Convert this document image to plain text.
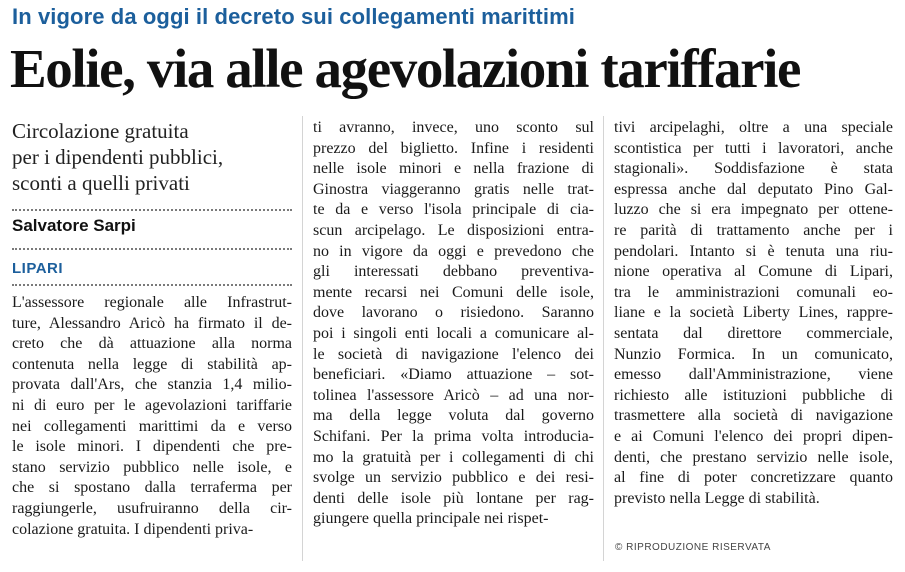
In vigore da oggi il decreto sui collegamenti marittimi
Eolie, via alle agevolazioni tariffarie
Circolazione gratuita
per i dipendenti pubblici,
sconti a quelli privati
Salvatore Sarpi
LIPARI
L'assessore regionale alle Infrastrut-
ture, Alessandro Aricò ha firmato il de-
creto che dà attuazione alla norma
contenuta nella legge di stabilità ap-
provata dall'Ars, che stanzia 1,4 milio-
ni di euro per le agevolazioni tariffarie
nei collegamenti marittimi da e verso
le isole minori. I dipendenti che pre-
stano servizio pubblico nelle isole, e
che si spostano dalla terraferma per
raggiungerle, usufruiranno della cir-
colazione gratuita. I dipendenti priva-
ti avranno, invece, uno sconto sul
prezzo del biglietto. Infine i residenti
nelle isole minori e nella frazione di
Ginostra viaggeranno gratis nelle trat-
te da e verso l'isola principale di cia-
scun arcipelago. Le disposizioni entra-
no in vigore da oggi e prevedono che
gli interessati debbano preventiva-
mente recarsi nei Comuni delle isole,
dove lavorano o risiedono. Saranno
poi i singoli enti locali a comunicare al-
le società di navigazione l'elenco dei
beneficiari. «Diamo attuazione – sot-
tolinea l'assessore Aricò – ad una nor-
ma della legge voluta dal governo
Schifani. Per la prima volta introducia-
mo la gratuità per i collegamenti di chi
svolge un servizio pubblico e dei resi-
denti delle isole più lontane per rag-
giungere quella principale nei rispet-
tivi arcipelaghi, oltre a una speciale
scontistica per tutti i lavoratori, anche
stagionali». Soddisfazione è stata
espressa anche dal deputato Pino Gal-
luzzo che si era impegnato per ottene-
re parità di trattamento anche per i
pendolari. Intanto si è tenuta una riu-
nione operativa al Comune di Lipari,
tra le amministrazioni comunali eo-
liane e la società Liberty Lines, rappre-
sentata dal direttore commerciale,
Nunzio Formica. In un comunicato,
emesso dall'Amministrazione, viene
richiesto alle istituzioni pubbliche di
trasmettere alla società di navigazione
e ai Comuni l'elenco dei propri dipen-
denti, che prestano servizio nelle isole,
al fine di poter concretizzare quanto
previsto nella Legge di stabilità.
© RIPRODUZIONE RISERVATA
